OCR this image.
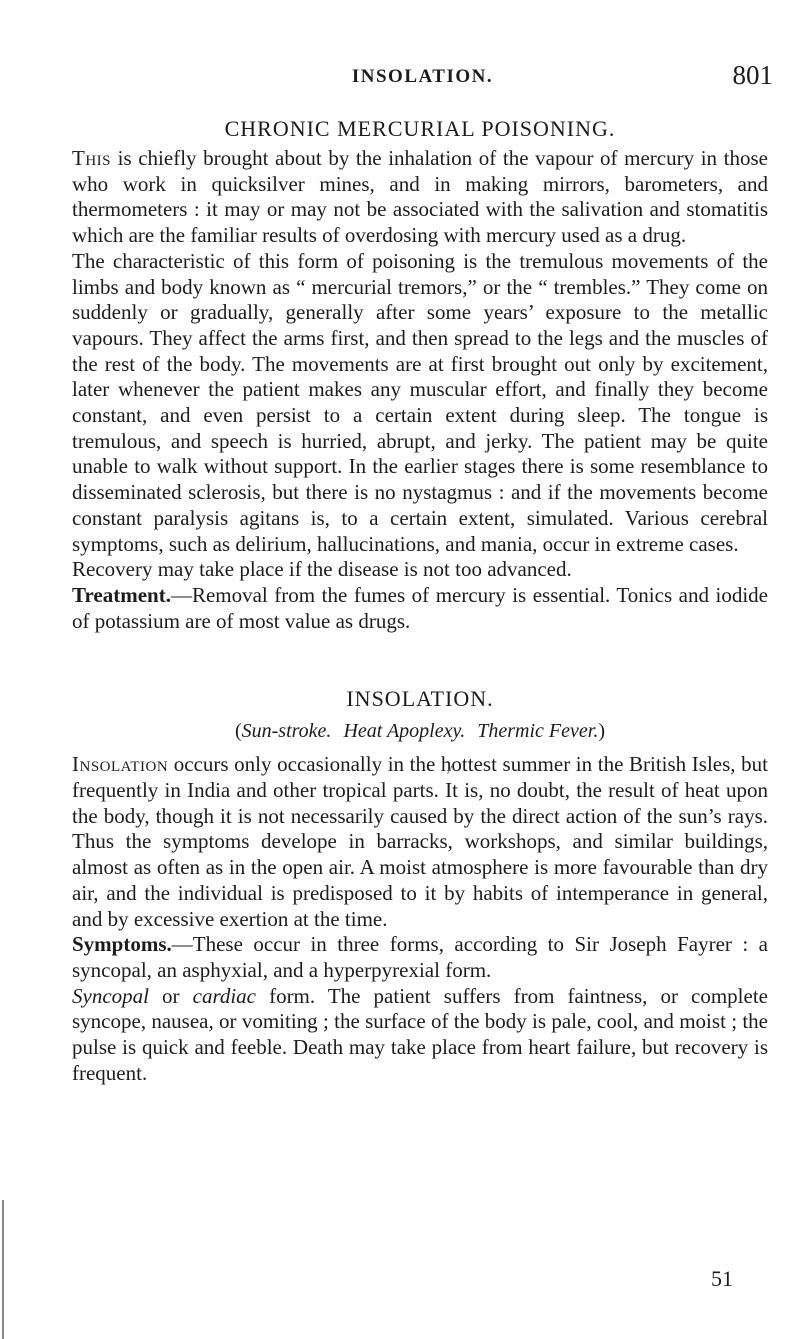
INSOLATION.	801
CHRONIC MERCURIAL POISONING.

This is chiefly brought about by the inhalation of the vapour of mercury in those who work in quicksilver mines, and in making mirrors, barometers, and thermometers : it may or may not be associated with the salivation and stomatitis which are the familiar results of overdosing with mercury used as a drug.

The characteristic of this form of poisoning is the tremulous movements of the limbs and body known as “ mercurial tremors,” or the “ trembles.” They come on suddenly or gradually, generally after some years’ exposure to the metallic vapours. They affect the arms first, and then spread to the legs and the muscles of the rest of the body. The movements are at first brought out only by excitement, later whenever the patient makes any muscular effort, and finally they become constant, and even persist to a certain extent during sleep. The tongue is tremulous, and speech is hurried, abrupt, and jerky. The patient may be quite unable to walk without support. In the earlier stages there is some resemblance to disseminated sclerosis, but there is no nystagmus : and if the movements become constant paralysis agitans is, to a certain extent, simulated. Various cerebral symptoms, such as delirium, hallucinations, and mania, occur in extreme cases.

Recovery may take place if the disease is not too advanced.

Treatment.—Removal from the fumes of mercury is essential. Tonics and iodide of potassium are of most value as drugs.

INSOLATION.

(Sun-stroke. Heat Apoplexy. Thermic Fever.)

Insolation occurs only occasionally in the hottest summer in the British Isles, but frequently in India and other tropical parts. It is, no doubt, the result of heat upon the body, though it is not necessarily caused by the direct action of the sun’s rays. Thus the symptoms develope in barracks, workshops, and similar buildings, almost as often as in the open air. A moist atmosphere is more favourable than dry air, and the individual is predisposed to it by habits of intemperance in general, and by excessive exertion at the time.

Symptoms.—These occur in three forms, according to Sir Joseph Fayrer : a syncopal, an asphyxial, and a hyperpyrexial form.

Syncopal or cardiac form. The patient suffers from faintness, or complete syncope, nausea, or vomiting ; the surface of the body is pale, cool, and moist ; the pulse is quick and feeble. Death may take place from heart failure, but recovery is frequent.

51
